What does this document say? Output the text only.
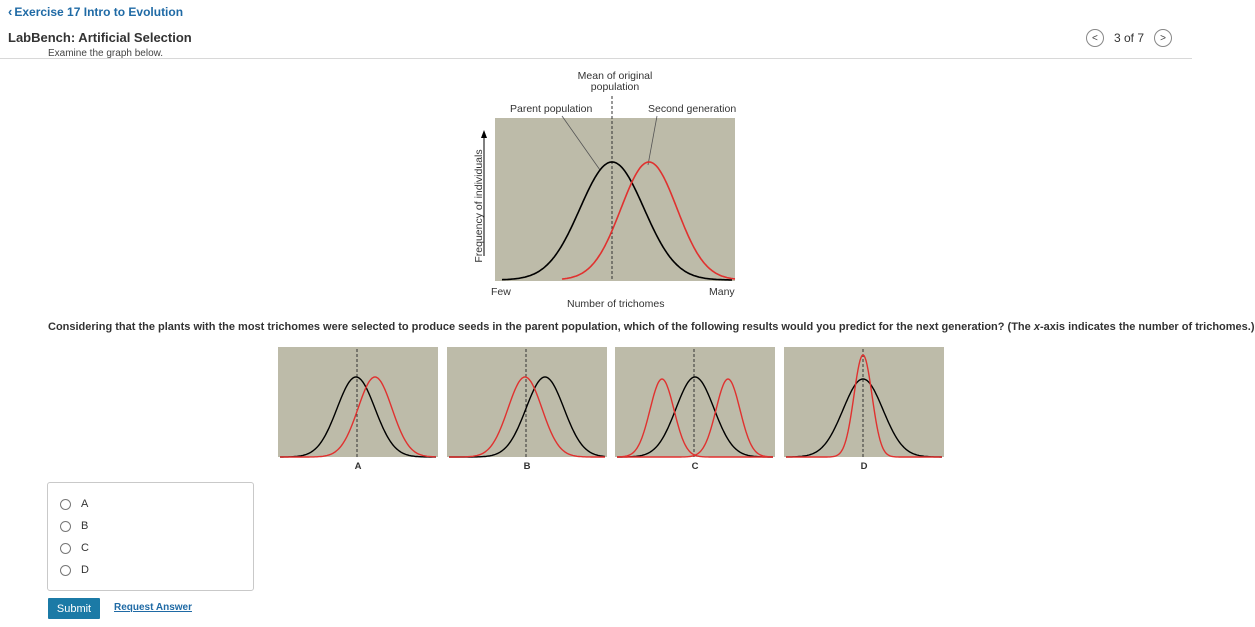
‹ Exercise 17 Intro to Evolution
LabBench: Artificial Selection	< 3 of 7 >
Examine the graph below.
Mean of original
population
Parent population	Second generation
Frequency of individuals
Few	Many
Number of trichomes
Considering that the plants with the most trichomes were selected to produce seeds in the parent population, which of the following results would you predict for the next generation? (The x-axis indicates the number of trichomes.)
A	B	C	D
A
B
C
D
Submit	Request Answer
